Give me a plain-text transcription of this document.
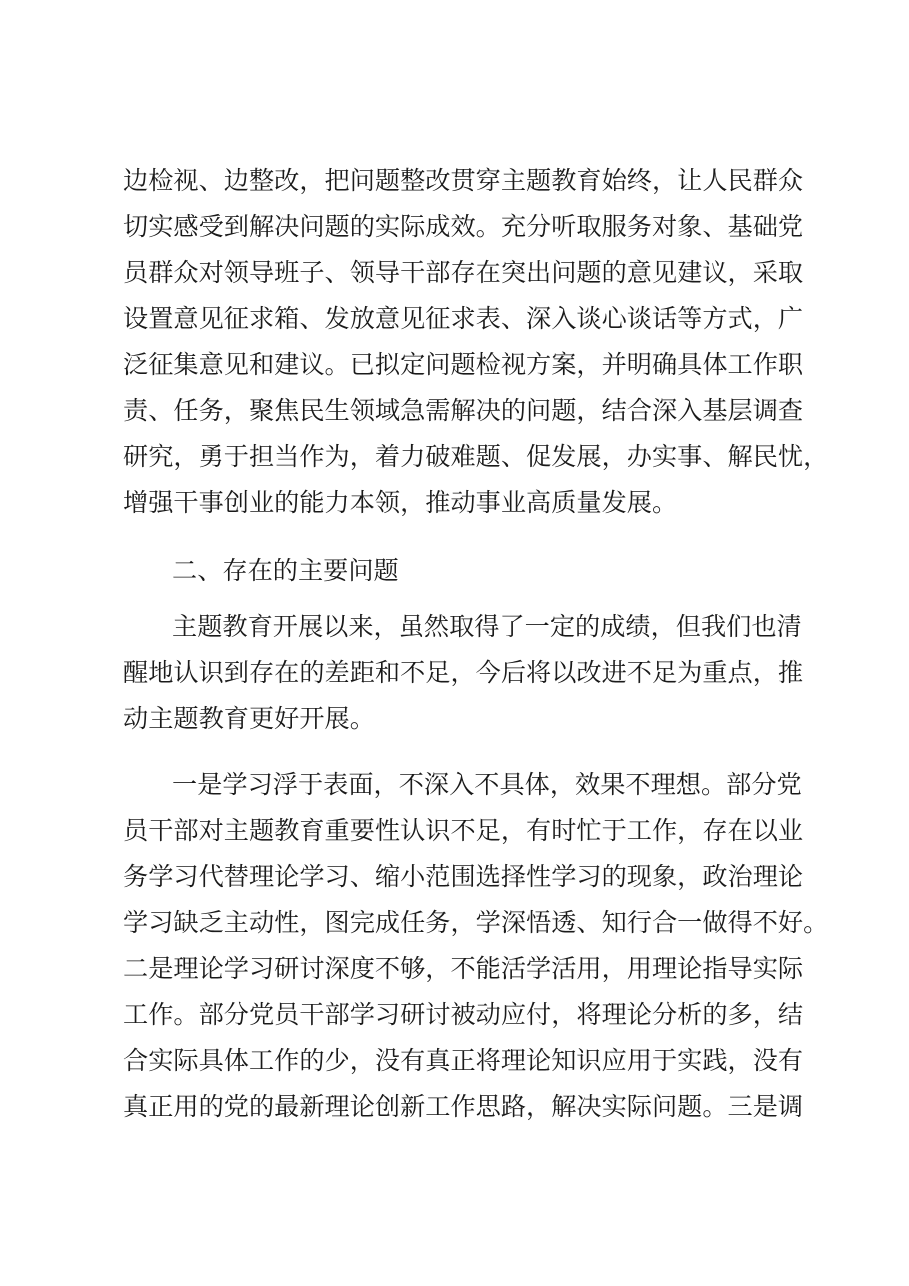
边检视、边整改，把问题整改贯穿主题教育始终，让人民群众
切实感受到解决问题的实际成效。充分听取服务对象、基础党
员群众对领导班子、领导干部存在突出问题的意见建议，采取
设置意见征求箱、发放意见征求表、深入谈心谈话等方式，广
泛征集意见和建议。已拟定问题检视方案，并明确具体工作职
责、任务，聚焦民生领域急需解决的问题，结合深入基层调查
研究，勇于担当作为，着力破难题、促发展，办实事、解民忧，
增强干事创业的能力本领，推动事业高质量发展。
二、存在的主要问题
主题教育开展以来，虽然取得了一定的成绩，但我们也清
醒地认识到存在的差距和不足，今后将以改进不足为重点，推
动主题教育更好开展。
一是学习浮于表面，不深入不具体，效果不理想。部分党
员干部对主题教育重要性认识不足，有时忙于工作，存在以业
务学习代替理论学习、缩小范围选择性学习的现象，政治理论
学习缺乏主动性，图完成任务，学深悟透、知行合一做得不好。
二是理论学习研讨深度不够，不能活学活用，用理论指导实际
工作。部分党员干部学习研讨被动应付，将理论分析的多，结
合实际具体工作的少，没有真正将理论知识应用于实践，没有
真正用的党的最新理论创新工作思路，解决实际问题。三是调
